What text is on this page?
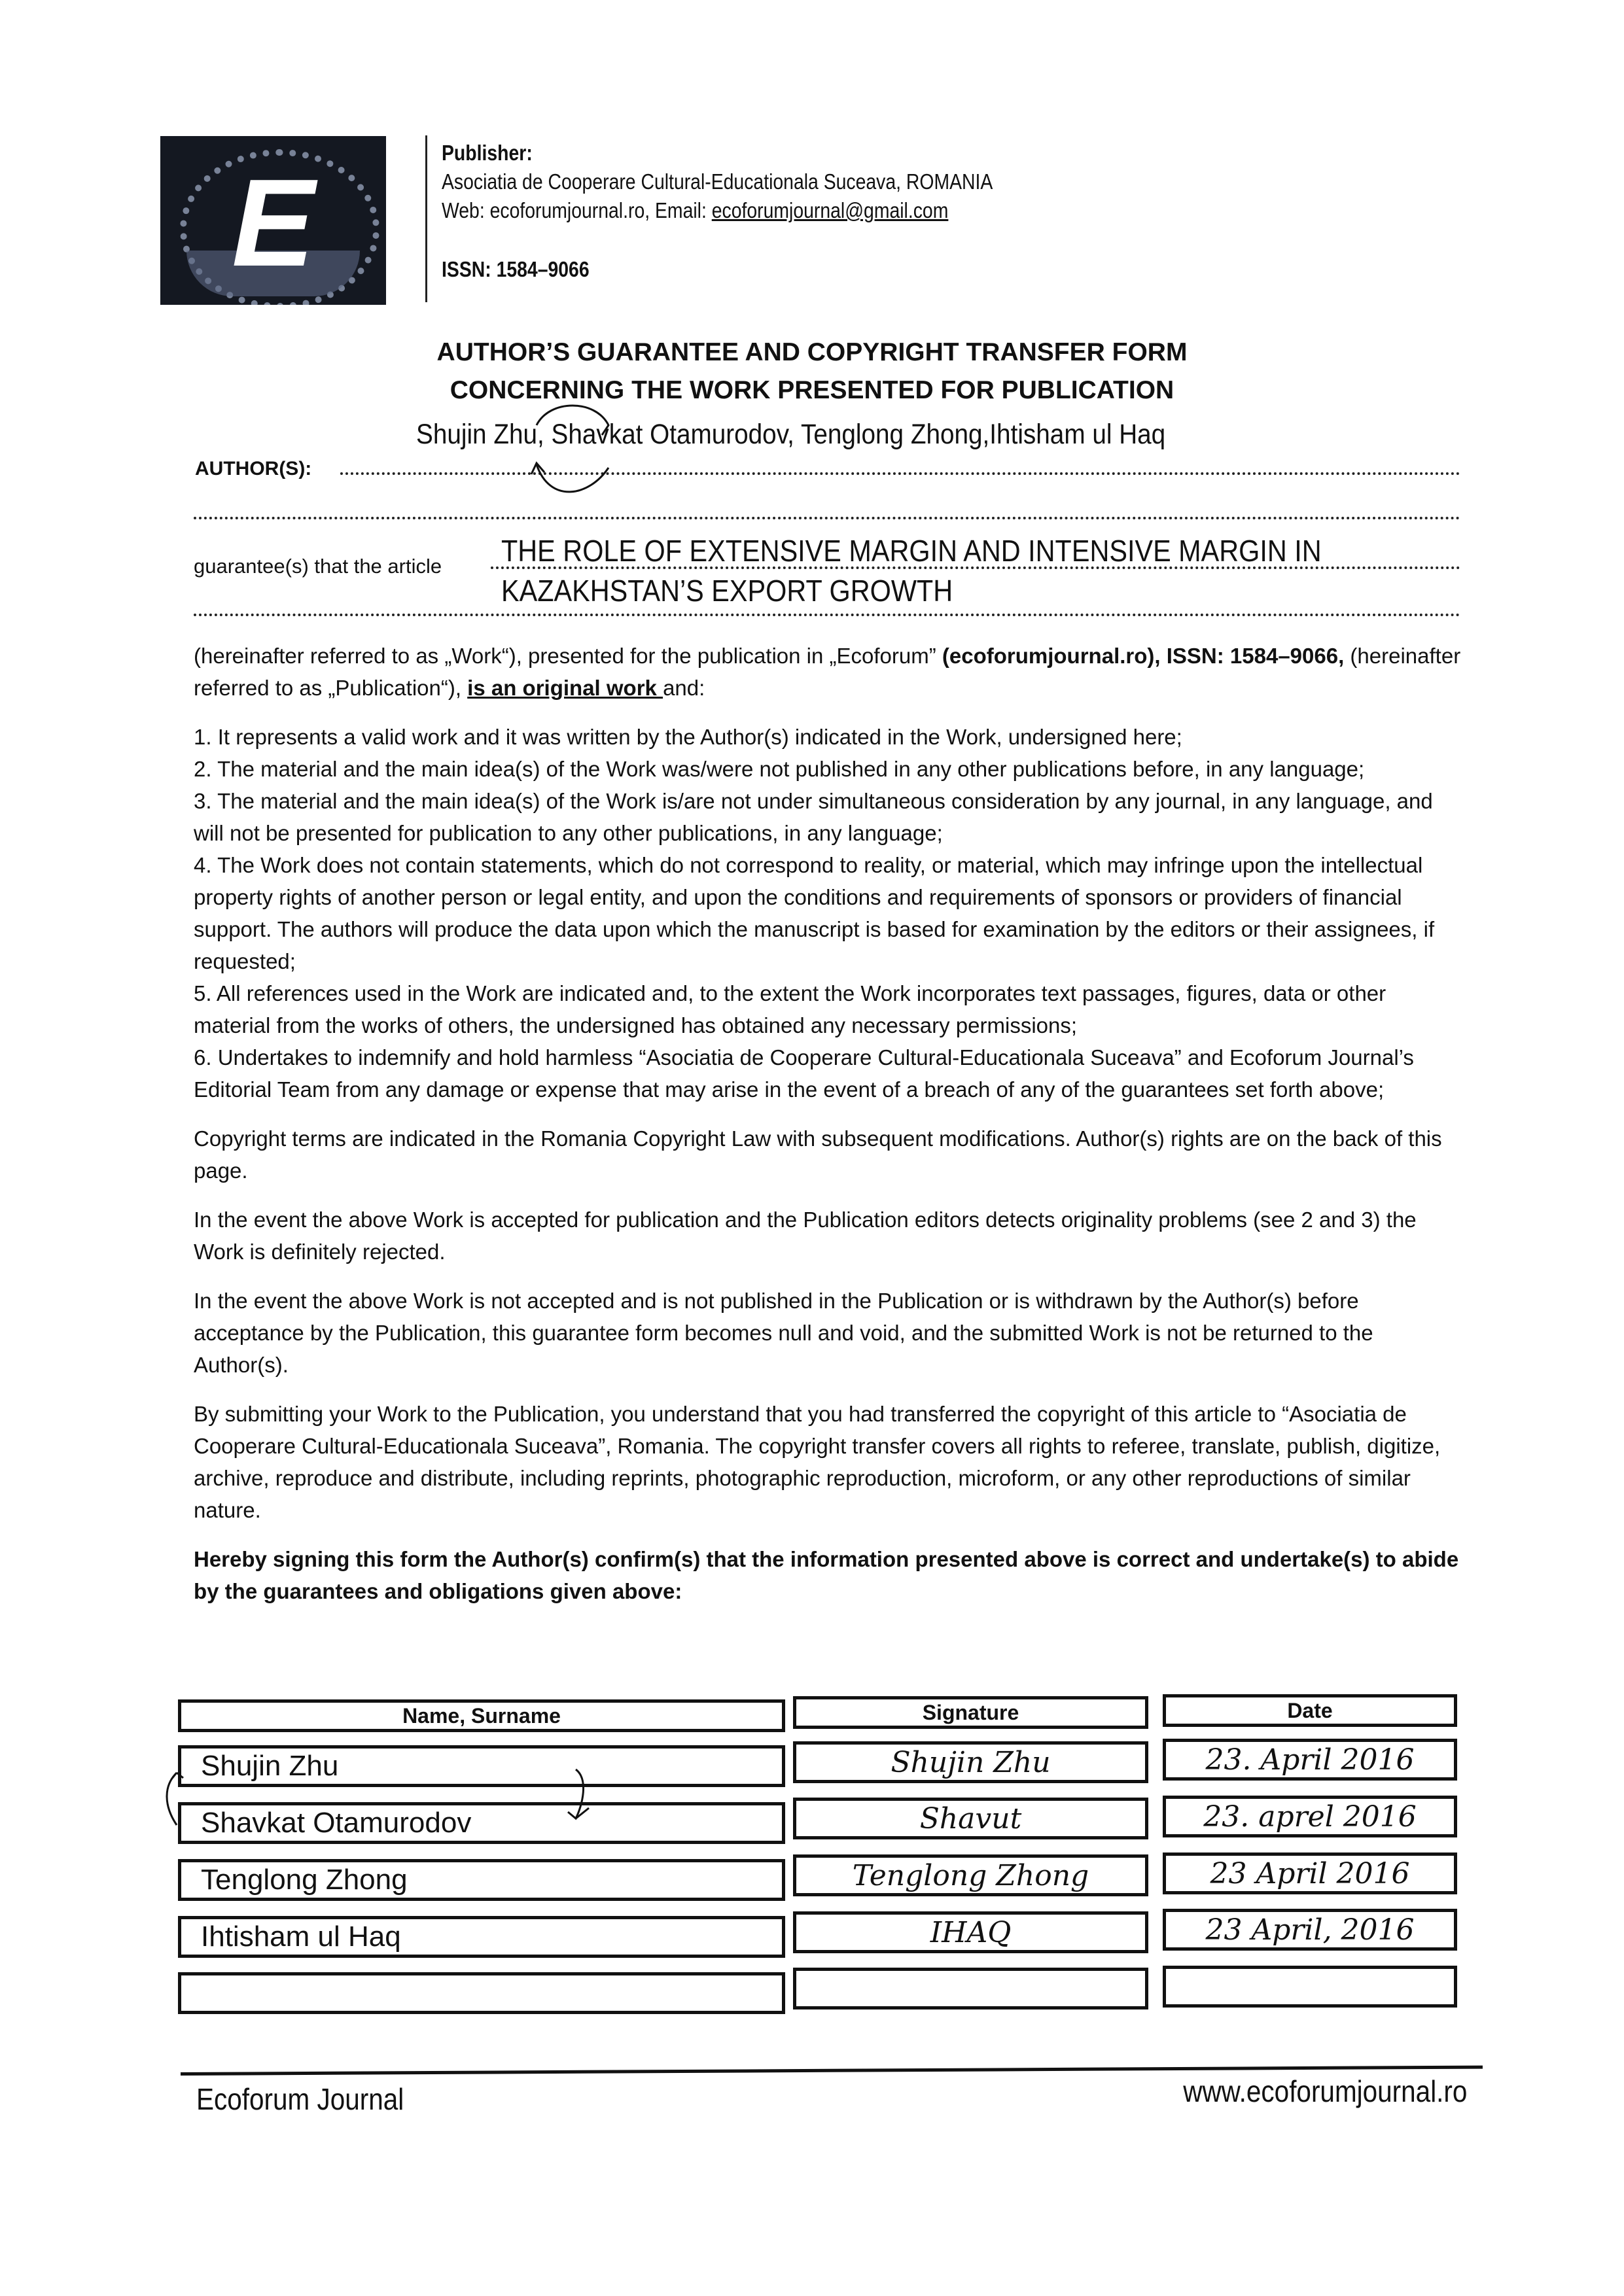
E
Publisher:
Asociatia de Cooperare Cultural-Educationala Suceava, ROMANIA
Web: ecoforumjournal.ro, Email: ecoforumjournal@gmail.com
ISSN: 1584–9066
AUTHOR’S GUARANTEE AND COPYRIGHT TRANSFER FORM
CONCERNING THE WORK PRESENTED FOR PUBLICATION
AUTHOR(S):
Shujin Zhu, Shavkat Otamurodov, Tenglong Zhong,Ihtisham ul Haq
guarantee(s) that the article THE ROLE OF EXTENSIVE MARGIN AND INTENSIVE MARGIN IN
KAZAKHSTAN’S EXPORT GROWTH

(hereinafter referred to as „Work“), presented for the publication in „Ecoforum” (ecoforumjournal.ro), ISSN: 1584–9066, (hereinafter referred to as „Publication“), is an original work and:

1. It represents a valid work and it was written by the Author(s) indicated in the Work, undersigned here;

2. The material and the main idea(s) of the Work was/were not published in any other publications before, in any language;

3. The material and the main idea(s) of the Work is/are not under simultaneous consideration by any journal, in any language, and will not be presented for publication to any other publications, in any language;

4. The Work does not contain statements, which do not correspond to reality, or material, which may infringe upon the intellectual property rights of another person or legal entity, and upon the conditions and requirements of sponsors or providers of financial support. The authors will produce the data upon which the manuscript is based for examination by the editors or their assignees, if requested;

5. All references used in the Work are indicated and, to the extent the Work incorporates text passages, figures, data or other material from the works of others, the undersigned has obtained any necessary permissions;

6. Undertakes to indemnify and hold harmless “Asociatia de Cooperare Cultural-Educationala Suceava” and Ecoforum Journal’s Editorial Team from any damage or expense that may arise in the event of a breach of any of the guarantees set forth above;

Copyright terms are indicated in the Romania Copyright Law with subsequent modifications. Author(s) rights are on the back of this page.

In the event the above Work is accepted for publication and the Publication editors detects originality problems (see 2 and 3) the Work is definitely rejected.

In the event the above Work is not accepted and is not published in the Publication or is withdrawn by the Author(s) before acceptance by the Publication, this guarantee form becomes null and void, and the submitted Work is not be returned to the Author(s).

By submitting your Work to the Publication, you understand that you had transferred the copyright of this article to “Asociatia de Cooperare Cultural-Educationala Suceava”, Romania. The copyright transfer covers all rights to referee, translate, publish, digitize, archive, reproduce and distribute, including reprints, photographic reproduction, microform, or any other reproductions of similar nature.

Hereby signing this form the Author(s) confirm(s) that the information presented above is correct and undertake(s) to abide by the guarantees and obligations given above:

Name, Surname	Signature	Date
Shujin Zhu	Shujin Zhu	23. April 2016
Shavkat Otamurodov	Shavut	23. aprel 2016
Tenglong Zhong	Tenglong Zhong	23 April 2016
Ihtisham ul Haq	IHAQ	23 April, 2016
Ecoforum Journal	www.ecoforumjournal.ro
